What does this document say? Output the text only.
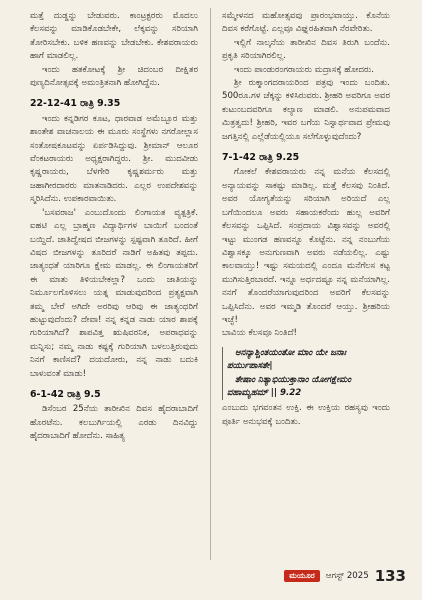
ಮತ್ತೆ ದುಡ್ಡನ್ನು ಬೇಡುವರು. ಕಾಂಟ್ರಕ್ಟರರು ಮೊದಲು ಕೆಲಸವನ್ನು ಮಾಡಿಕೊಡಬೇಕೇ, ಲೆಕ್ಕವನ್ನು ಸರಿಯಾಗಿ ತೋರಿಸಬೇಕು. ಬಳಿಕ ಹಣವನ್ನು ಬೇಡಬೇಕು. ಕೇಶವರಾಯರು ಹಾಗೆ ಮಾಡಲಿಲ್ಲ.

ಇಂದು ಹತಕೋಟಕ್ಕೆ ಶ್ರೀ ಚಿದಂಬರ ದೀಕ್ಷಿತರ ಪುಣ್ಯದಿನೋತ್ಸವಕ್ಕೆ ಅಮಂತ್ರಿತನಾಗಿ ಹೋಗಿದ್ದೆನು.

22-12-41 ರಾತ್ರಿ 9.35

ಇಂದು ಕನ್ನಡಿಗರ ಕೂಟ, ಧಾರವಾಡ ಅಮೆಬ್ಬೂರ ಮತ್ತು ಶಾಂತೇಶ ವಾಚನಾಲಯ ಈ ಮೂರು ಸಂಸ್ಥೆಗಳು ನಗರೋಲ್ಲಾಸ ಸಂತೋಷಕೂಟವನ್ನು ಏರ್ಪಡಿಸಿದ್ದುವು. ಶ್ರೀಮಾನ್ ಆಲೂರ ವೆಂಕಟರಾಯರು ಅಧ್ಯಕ್ಷರಾಗಿದ್ದರು. ಶ್ರೀ. ಮುದವೀಡು ಕೃಷ್ಣರಾಯರು, ಬೆಳಗೇರಿ ಕೃಷ್ಣಶರ್ಮರು ಮತ್ತು ಜಹಾಗೀರದಾರರು ಮಾತನಾಡಿದರು. ಎಲ್ಲರ ಉಪದೇಶವನ್ನು ಸ್ಮರಿಸಿದೆನು. ಉಪಕಾರವಾಯಿತು.

'ಬಸವರಾಜ' ಎಂಬುದೊಂದು ಲಿಂಗಾಯತ ವ್ಯತ್ಪತ್ರಿಕೆ. ಐಹಟಿ ಎಲ್ಲ ಬ್ರಾಹ್ಮಣ ವಿದ್ಯಾರ್ಥಿಗಳ ಬಾಯಿಗೆ ಬಂದಂತೆ ಬಯ್ದಿದೆ. ಜಾತಿದ್ವೇಷದ ಬೀಜಗಳನ್ನು ಸ್ಪಷ್ಟವಾಗಿ ತೂರಿದೆ. ಹೀಗೆ ವಿಷದ ಬೀಜಗಳನ್ನು ತೂರಿದರೆ ನಾಡಿಗೆ ಅಹಿತವು ತಪ್ಪದು. ಜಾತ್ಯಂಧತೆ ಯಾರಿಗೂ ಕ್ಷೇಮ ಮಾಡಲ್ಲ. ಈ ಲಿಂಗಾಯತರಿಗೆ ಈ ಮಾತು ತಿಳಿಯಬೇಕಲ್ಲಾ? ಒಂದು ಜಾತಿಯನ್ನು ನಿರ್ಮೂಲಗೊಳಿಸಲು ಯತ್ನ ಮಾಡುವುದರಿಂದ ಪ್ರತ್ಯಕ್ಷವಾಗಿ ತಮ್ಮ ಬೇರೆ ಅಗಿದೇ ಅರರಿವು ಆರಿವು ಈ ಜಾತ್ಯಂಧರಿಗೆ ಹುಟ್ಟುವುದೆಂದು? ದೇವಾ! ನನ್ನ ಕನ್ನಡ ನಾಡು ಯಾರ ಶಾಪಕ್ಕೆ ಗುರಿಯಾಗಿದೆ? ಶಾಪವಿತ್ತ ಋಷಿವರನಿಕ, ಅಪರಾಧವನ್ನು ಮನ್ನಿಸು; ನಮ್ಮ ನಾಡು ಕಷ್ಟಕ್ಕೆ ಗುರಿಯಾಗಿ ಬಳಲುತ್ತಿರುವುದು ನಿನಗೆ ಕಾಣಿಸದೆ? ದಯದೋರು, ನನ್ನ ನಾಡು ಬದುಕಿ ಬಾಳುವಂತೆ ಮಾಡು!

6-1-42 ರಾತ್ರಿ 9.5

ಡಿಸೆಂಬರ 25ನೆಯ ತಾರೀಖಿನ ದಿವಸ ಹೈದರಾಬಾದಿಗೆ ಹೊರಟೆನು. ಕಲಬುರ್ಗಿಯಲ್ಲಿ ಎರಡು ದಿನವಿದ್ದು ಹೈದರಾಬಾದಿಗೆ ಹೋದೆನು. ಸಾಹಿತ್ಯ

ಸಮ್ಮೇಳನದ ಮಹೋತ್ಸವವು ಪ್ರಾರಂಭವಾಯ್ತು. ಕೊನೆಯ ದಿವಸ ಕರೆಗೊಟ್ಟೆ. ಎಲ್ಲವೂ ವಿಘ್ನರಹಿತವಾಗಿ ನೆರವೇರಿತು.

ಇಲ್ಲಿಗೆ ನಾಲ್ಕನೆಯ ತಾರೀಖಿನ ದಿವಸ ತಿರುಗಿ ಬಂದೆನು. ಪ್ರಕೃತಿ ಸರಿಯಾಗಿರಲಿಲ್ಲ.

ಇಂದು ಪಾಂಡುರಂಗರಾಯರು ಮದ್ರಾಸಕ್ಕೆ ಹೋದರು.

ಶ್ರೀ ರುಕ್ಮಾಂಗದರಾಯರಿಂದ ಪತ್ರವು ಇಂದು ಬಂದಿತು. 500ರೂ.ಗಳ ಚೆಕ್ಕನ್ನು ಕಳಿಸಿರುವರು. ಶ್ರೀಹರಿ ಅವರಿಗೂ ಅವರ ಕುಟುಂಬದವರಿಗೂ ಕಲ್ಯಾಣ ಮಾಡಲಿ. ಅನುಪಮವಾದ ಮಿತ್ರತ್ವದು! ಶ್ರೀಹರಿ, ಇವರ ಬಗೆಯ ನಿಸ್ವಾರ್ಥವಾದ ಪ್ರೇಮವು ಜಗತ್ತಿನಲ್ಲಿ ಎಲ್ಲೆಡೆಯಲ್ಲಿಯೂ ಸಲೆಗೊಳ್ಳುವುದೆಂದು?

7-1-42 ರಾತ್ರಿ 9.25

ಗೋಕಲೆ ಕೇಶವರಾಯರು ನನ್ನ ಮನೆಯ ಕೆಲಸದಲ್ಲಿ ಅನ್ಯಾಯವನ್ನು ಸಾಕಷ್ಟು ಮಾಡಿಲ್ಲ. ಮತ್ತೆ ಕೆಲಸವು ನಿಂತಿದೆ. ಅವರ ಯೋಗ್ಯತೆಯನ್ನು ಸರಿಯಾಗಿ ಅರಿಯದೆ ಎಲ್ಲ ಬಗೆಯಿಂದಲೂ ಅವರು ಸಹಾಯಕರೆಂದು ಹುಲ್ಲ ಅವರಿಗೆ ಕೆಲಸವನ್ನು ಒಪ್ಪಿಸಿದೆ. ಸಂಪ್ರದಾಯ ವಿಶ್ವಾಸವನ್ನು ಅವರಲ್ಲಿ ಇಟ್ಟು ಮುಂಗಡ ಹಣವನ್ನೂ ಕೊಟ್ಟೆನು. ನನ್ನ ನಂಬುಗೆಯ ವಿಶ್ವಾಸಕ್ಕೂ ಅನುಗುಣವಾಗಿ ಅವರು ನಡೆಯಲಿಲ್ಲ. ಎಷ್ಟು ಕಾಲವಾಯ್ತು! ಇಷ್ಟು ಸಮಯದಲ್ಲಿ ಎಂದೂ ಮನೆಗೆಲಸ ಕಟ್ಟ ಮುಗಿಸುತ್ತಿರಬಾರದೆ. ಇನ್ನೂ ಅರ್ಧದಷ್ಟೂ ನನ್ನ ಮನೆಯಾಗಿಲ್ಲ. ನನಗೆ ತೊಂದರೆಯಾಗುವುದರಿಂದ ಅವರಿಗೆ ಕೆಲಸವನ್ನು ಒಪ್ಪಿಸಿದೆನು. ಅವರ ಇಮ್ಮಡಿ ತೊಂದರೆ ಆಯ್ತು. ಶ್ರೀಹರಿಯ ಇಚ್ಛೆ!

ಬಾವಿಯ ಕೆಲಸವೂ ನಿಂತಿದೆ!

ಅನನ್ಯಾಶ್ಚಿಂತಯಂತೋ ಮಾಂ ಯೇ ಜನಾಃ ಪರ್ಯುಪಾಸತೇ|
ತೇಷಾಂ ನಿತ್ಯಾಭಿಯುಕ್ತಾನಾಂ ಯೋಗಕ್ಷೇಮಂ ವಹಾಮ್ಯಹಮ್ || 9.22

ಎಂಬುದು ಭಗವಂತನ ಉಕ್ತಿ. ಈ ಉಕ್ತಿಯ ರಹಸ್ಯವು ಇಂದು ಪೂರ್ತಿ ಅನುಭವಕ್ಕೆ ಬಂದಿತು.

ಮಯೂರ	ಆಗಸ್ಟ್ 2025 133
